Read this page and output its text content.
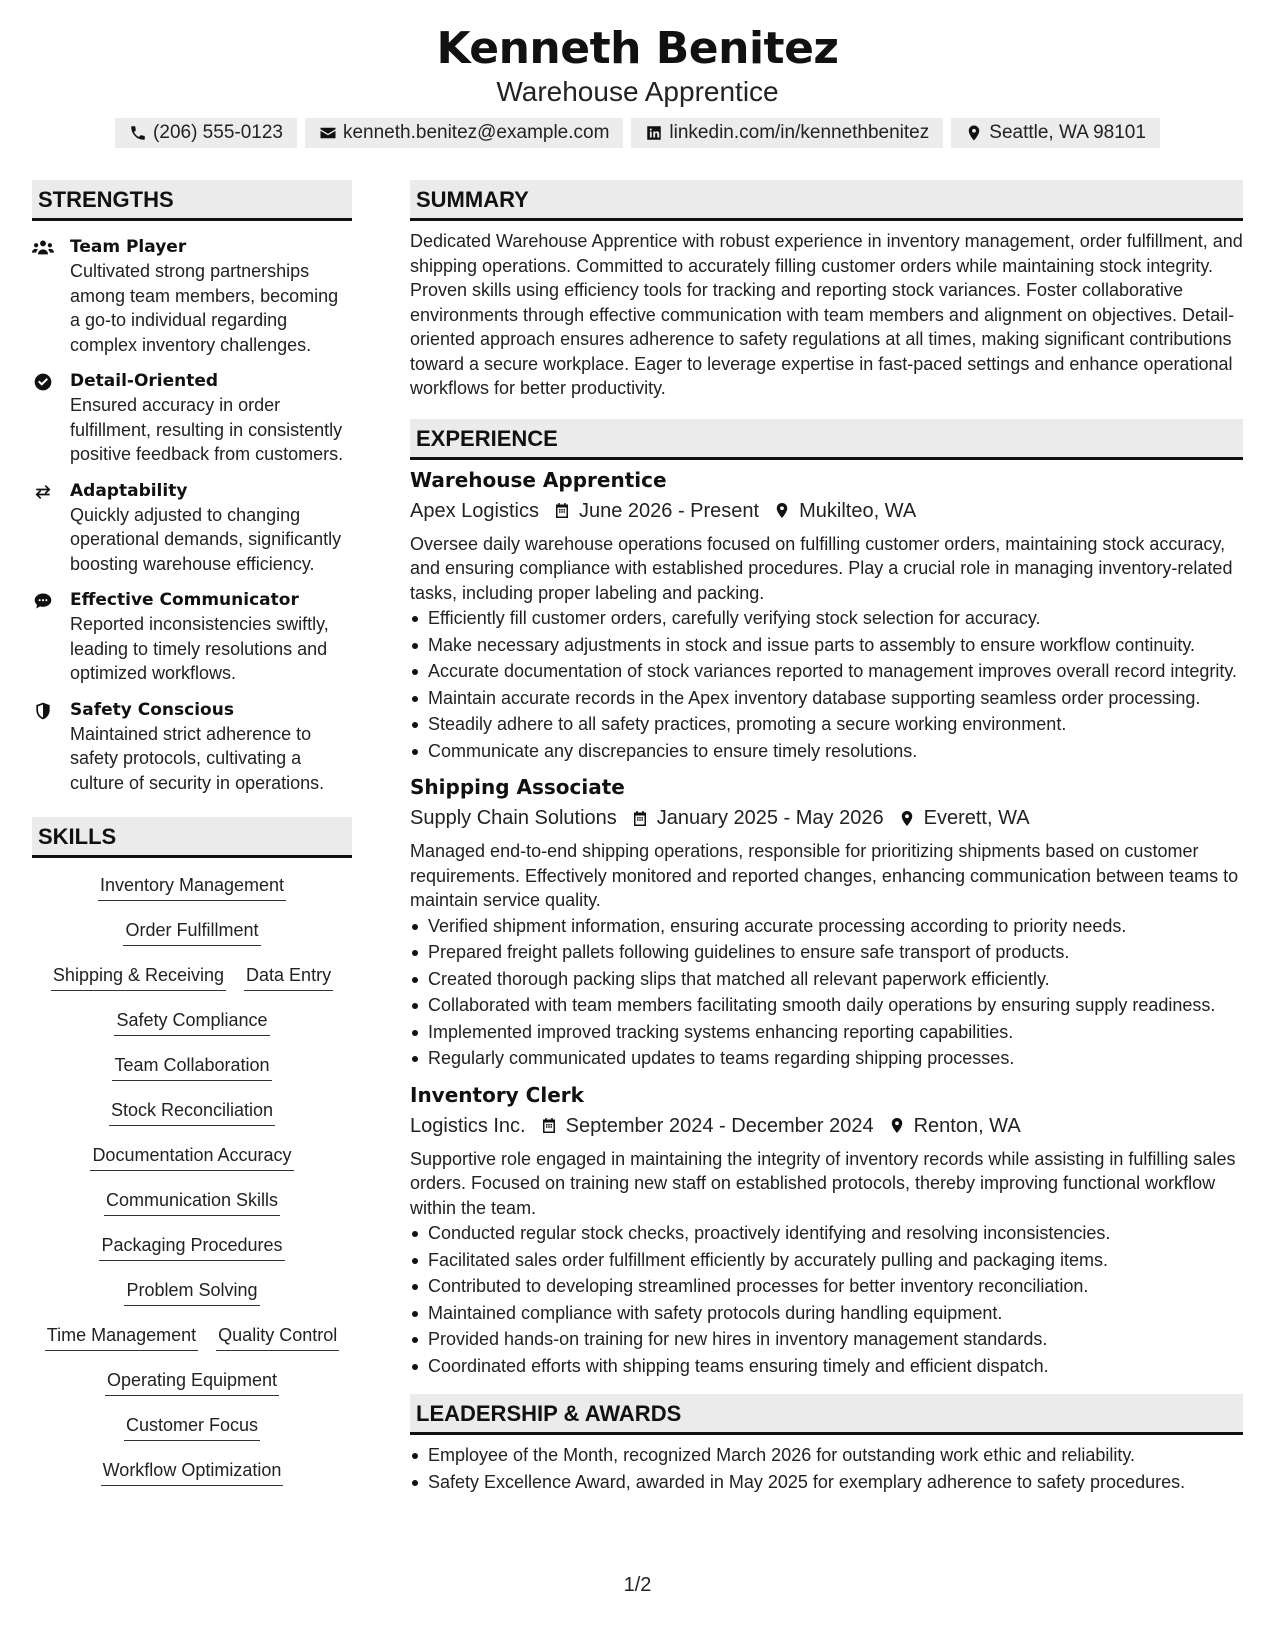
Kenneth Benitez
Warehouse Apprentice
(206) 555-0123	kenneth.benitez@example.com	linkedin.com/in/kennethbenitez	Seattle, WA 98101
STRENGTHS
Team Player
Cultivated strong partnerships among team members, becoming a go-to individual regarding complex inventory challenges.
Detail-Oriented
Ensured accuracy in order fulfillment, resulting in consistently positive feedback from customers.
Adaptability
Quickly adjusted to changing operational demands, significantly boosting warehouse efficiency.
Effective Communicator
Reported inconsistencies swiftly, leading to timely resolutions and optimized workflows.
Safety Conscious
Maintained strict adherence to safety protocols, cultivating a culture of security in operations.
SKILLS
Inventory Management
Order Fulfillment
Shipping & Receiving Data Entry
Safety Compliance
Team Collaboration
Stock Reconciliation
Documentation Accuracy
Communication Skills
Packaging Procedures
Problem Solving
Time Management Quality Control
Operating Equipment
Customer Focus
Workflow Optimization
SUMMARY
Dedicated Warehouse Apprentice with robust experience in inventory management, order fulfillment, and shipping operations. Committed to accurately filling customer orders while maintaining stock integrity. Proven skills using efficiency tools for tracking and reporting stock variances. Foster collaborative environments through effective communication with team members and alignment on objectives. Detail-oriented approach ensures adherence to safety regulations at all times, making significant contributions toward a secure workplace. Eager to leverage expertise in fast-paced settings and enhance operational workflows for better productivity.
EXPERIENCE
Warehouse Apprentice
Apex Logistics June 2026 - Present Mukilteo, WA
Oversee daily warehouse operations focused on fulfilling customer orders, maintaining stock accuracy, and ensuring compliance with established procedures. Play a crucial role in managing inventory-related tasks, including proper labeling and packing.
Efficiently fill customer orders, carefully verifying stock selection for accuracy.
Make necessary adjustments in stock and issue parts to assembly to ensure workflow continuity.
Accurate documentation of stock variances reported to management improves overall record integrity.
Maintain accurate records in the Apex inventory database supporting seamless order processing.
Steadily adhere to all safety practices, promoting a secure working environment.
Communicate any discrepancies to ensure timely resolutions.
Shipping Associate
Supply Chain Solutions January 2025 - May 2026 Everett, WA
Managed end-to-end shipping operations, responsible for prioritizing shipments based on customer requirements. Effectively monitored and reported changes, enhancing communication between teams to maintain service quality.
Verified shipment information, ensuring accurate processing according to priority needs.
Prepared freight pallets following guidelines to ensure safe transport of products.
Created thorough packing slips that matched all relevant paperwork efficiently.
Collaborated with team members facilitating smooth daily operations by ensuring supply readiness.
Implemented improved tracking systems enhancing reporting capabilities.
Regularly communicated updates to teams regarding shipping processes.
Inventory Clerk
Logistics Inc. September 2024 - December 2024 Renton, WA
Supportive role engaged in maintaining the integrity of inventory records while assisting in fulfilling sales orders. Focused on training new staff on established protocols, thereby improving functional workflow within the team.
Conducted regular stock checks, proactively identifying and resolving inconsistencies.
Facilitated sales order fulfillment efficiently by accurately pulling and packaging items.
Contributed to developing streamlined processes for better inventory reconciliation.
Maintained compliance with safety protocols during handling equipment.
Provided hands-on training for new hires in inventory management standards.
Coordinated efforts with shipping teams ensuring timely and efficient dispatch.
LEADERSHIP & AWARDS
Employee of the Month, recognized March 2026 for outstanding work ethic and reliability.
Safety Excellence Award, awarded in May 2025 for exemplary adherence to safety procedures.
1/2
